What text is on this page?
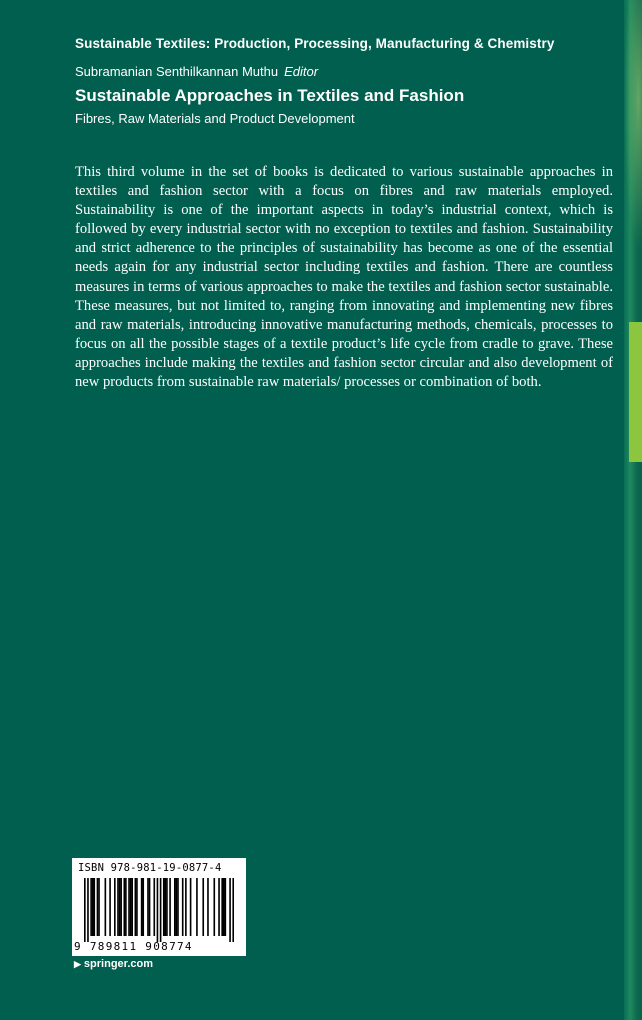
Sustainable Textiles: Production, Processing, Manufacturing & Chemistry
Subramanian Senthilkannan Muthu Editor
Sustainable Approaches in Textiles and Fashion
Fibres, Raw Materials and Product Development

This third volume in the set of books is dedicated to various sustainable approaches in textiles and fashion sector with a focus on fibres and raw materials employed. Sustainability is one of the important aspects in today’s industrial context, which is followed by every industrial sector with no exception to textiles and fashion. Sustainability and strict adherence to the principles of sustainability has become as one of the essential needs again for any industrial sector including textiles and fashion. There are countless measures in terms of various approaches to make the textiles and fashion sector sustainable. These measures, but not limited to, ranging from innovating and implementing new fibres and raw materials, introducing innovative manufacturing methods, chemicals, processes to focus on all the possible stages of a textile product’s life cycle from cradle to grave. These approaches include making the textiles and fashion sector circular and also development of new products from sustainable raw materials/ processes or combination of both.

ISBN 978-981-19-0877-4
9 789811 908774
▶ springer.com
